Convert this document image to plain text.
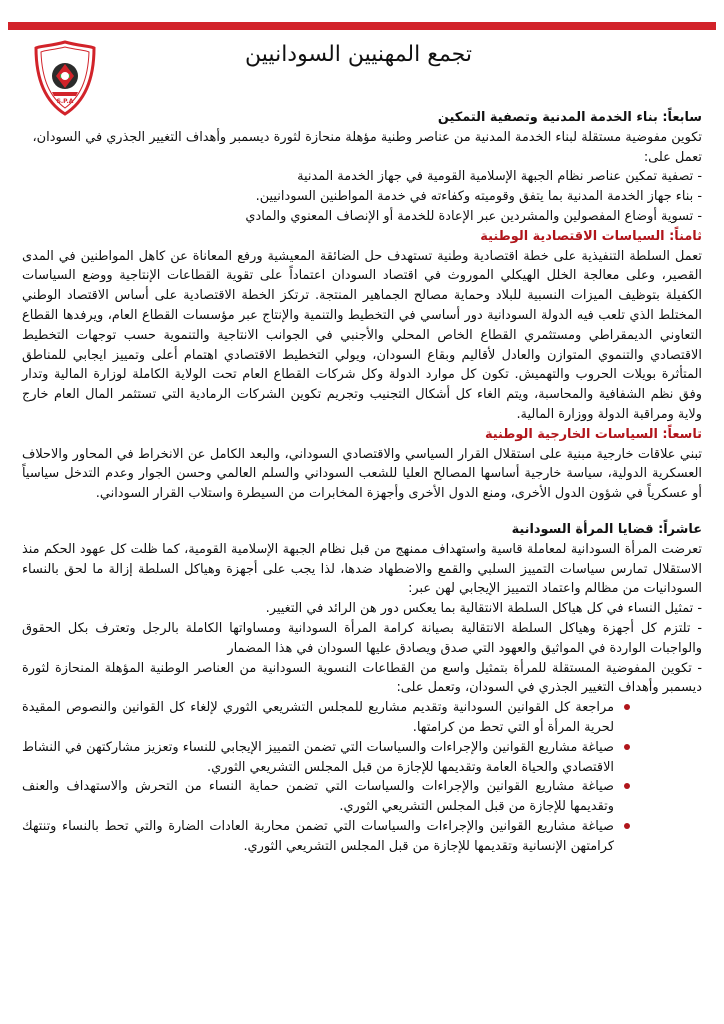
S.P.A
تجمع المهنيين السودانيين

سابعاً: بناء الخدمة المدنية وتصفية التمكين

تكوين مفوضية مستقلة لبناء الخدمة المدنية من عناصر وطنية مؤهلة منحازة لثورة ديسمبر وأهداف التغيير الجذري في السودان،

تعمل على:

- تصفية تمكين عناصر نظام الجبهة الإسلامية القومية في جهاز الخدمة المدنية

- بناء جهاز الخدمة المدنية بما يتفق وقوميته وكفاءته في خدمة المواطنين السودانيين.

- تسوية أوضاع المفصولين والمشردين عبر الإعادة للخدمة أو الإنصاف المعنوي والمادي

ثامناً: السياسات الاقتصادية الوطنية

تعمل السلطة التنفيذية على خطة اقتصادية وطنية تستهدف حل الضائقة المعيشية ورفع المعاناة عن كاهل المواطنين في المدى القصير، وعلى معالجة الخلل الهيكلي الموروث في اقتصاد السودان اعتماداً على تقوية القطاعات الإنتاجية ووضع السياسات الكفيلة بتوظيف الميزات النسبية للبلاد وحماية مصالح الجماهير المنتجة. ترتكز الخطة الاقتصادية على أساس الاقتصاد الوطني المختلط الذي تلعب فيه الدولة السودانية دور أساسي في التخطيط والتنمية والإنتاج عبر مؤسسات القطاع العام، ويرفدها القطاع التعاوني الديمقراطي ومستثمري القطاع الخاص المحلي والأجنبي في الجوانب الانتاجية والتنموية حسب توجهات التخطيط الاقتصادي والتنموي المتوازن والعادل لأقاليم وبقاع السودان، ويولي التخطيط الاقتصادي اهتمام أعلى وتمييز ايجابي للمناطق المتأثرة بويلات الحروب والتهميش. تكون كل موارد الدولة وكل شركات القطاع العام تحت الولاية الكاملة لوزارة المالية وتدار وفق نظم الشفافية والمحاسبة، ويتم الغاء كل أشكال التجنيب وتجريم تكوين الشركات الرمادية التي تستثمر المال العام خارج ولاية ومراقبة الدولة ووزارة المالية.

تاسعاً: السياسات الخارجية الوطنية

تبني علاقات خارجية مبنية على استقلال القرار السياسي والاقتصادي السوداني، والبعد الكامل عن الانخراط في المحاور والاحلاف العسكرية الدولية، سياسة خارجية أساسها المصالح العليا للشعب السوداني والسلم العالمي وحسن الجوار وعدم التدخل سياسياً أو عسكرياً في شؤون الدول الأخرى، ومنع الدول الأخرى وأجهزة المخابرات من السيطرة واستلاب القرار السوداني.

عاشراً: قضايا المرأة السودانية

تعرضت المرأة السودانية لمعاملة قاسية واستهداف ممنهج من قبل نظام الجبهة الإسلامية القومية، كما ظلت كل عهود الحكم منذ الاستقلال تمارس سياسات التمييز السلبي والقمع والاضطهاد ضدها، لذا يجب على أجهزة وهياكل السلطة إزالة ما لحق بالنساء السودانيات من مظالم واعتماد التمييز الإيجابي لهن عبر:

- تمثيل النساء في كل هياكل السلطة الانتقالية بما يعكس دور هن الرائد في التغيير.

- تلتزم كل أجهزة وهياكل السلطة الانتقالية بصيانة كرامة المرأة السودانية ومساواتها الكاملة بالرجل وتعترف بكل الحقوق والواجبات الواردة في المواثيق والعهود التي صدق ويصادق عليها السودان في هذا المضمار

- تكوين المفوضية المستقلة للمرأة بتمثيل واسع من القطاعات النسوية السودانية من العناصر الوطنية المؤهلة المنحازة لثورة ديسمبر وأهداف التغيير الجذري في السودان، وتعمل على:

مراجعة كل القوانين السودانية وتقديم مشاريع للمجلس التشريعي الثوري لإلغاء كل القوانين والنصوص المقيدة لحرية المرأة أو التي تحط من كرامتها.
صياغة مشاريع القوانين والإجراءات والسياسات التي تضمن التمييز الإيجابي للنساء وتعزيز مشاركتهن في النشاط الاقتصادي والحياة العامة وتقديمها للإجازة من قبل المجلس التشريعي الثوري.
صياغة مشاريع القوانين والإجراءات والسياسات التي تضمن حماية النساء من التحرش والاستهداف والعنف وتقديمها للإجازة من قبل المجلس التشريعي الثوري.
صياغة مشاريع القوانين والإجراءات والسياسات التي تضمن محاربة العادات الضارة والتي تحط بالنساء وتنتهك كرامتهن الإنسانية وتقديمها للإجازة من قبل المجلس التشريعي الثوري.
